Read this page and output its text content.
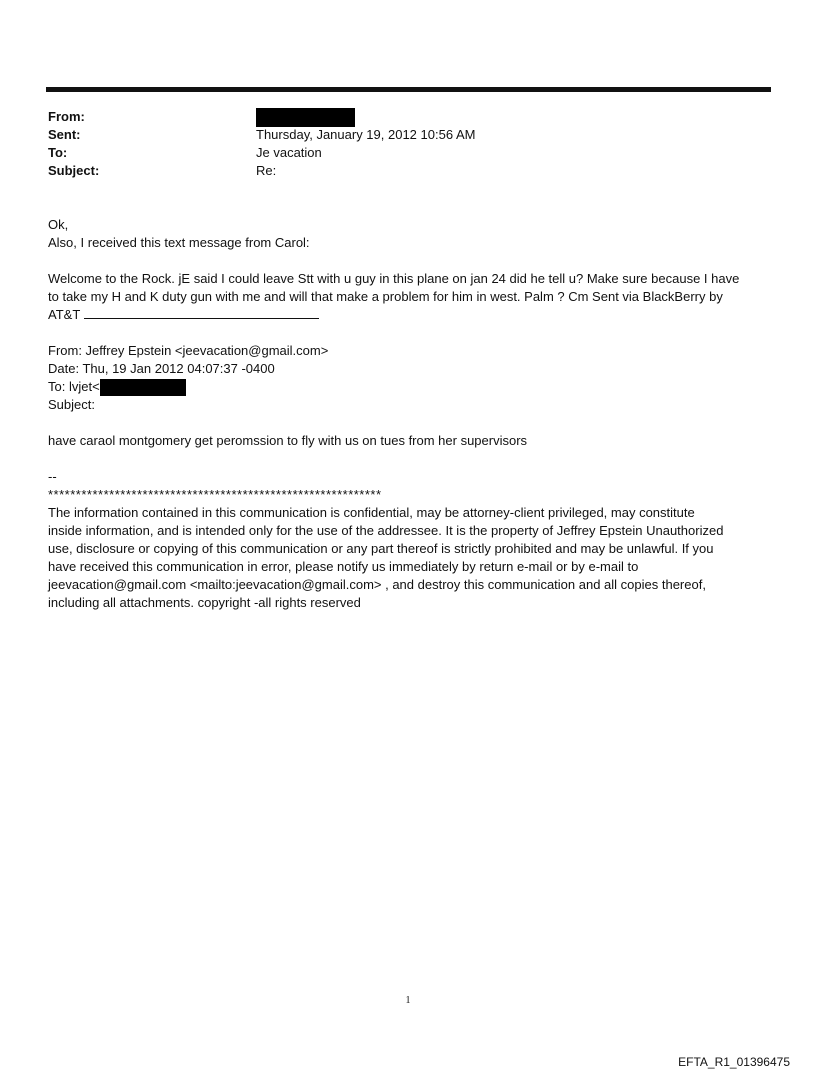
From:
Sent:	Thursday, January 19, 2012 10:56 AM
To:	Je vacation
Subject:	Re:

Ok,

Also, I received this text message from Carol:

Welcome to the Rock. jE said I could leave Stt with u guy in this plane on jan 24 did he tell u? Make sure because I have

to take my H and K duty gun with me and will that make a problem for him in west. Palm ? Cm Sent via BlackBerry by

AT&T

From: Jeffrey Epstein <jeevacation@gmail.com>

Date: Thu, 19 Jan 2012 04:07:37 -0400

To: lvjet<

Subject:

have caraol montgomery get peromssion to fly with us on tues from her supervisors

--

************************************************************

The information contained in this communication is confidential, may be attorney-client privileged, may constitute

inside information, and is intended only for the use of the addressee. It is the property of Jeffrey Epstein Unauthorized

use, disclosure or copying of this communication or any part thereof is strictly prohibited and may be unlawful. If you

have received this communication in error, please notify us immediately by return e-mail or by e-mail to

jeevacation@gmail.com <mailto:jeevacation@gmail.com> , and destroy this communication and all copies thereof,

including all attachments. copyright -all rights reserved

1
EFTA_R1_01396475
